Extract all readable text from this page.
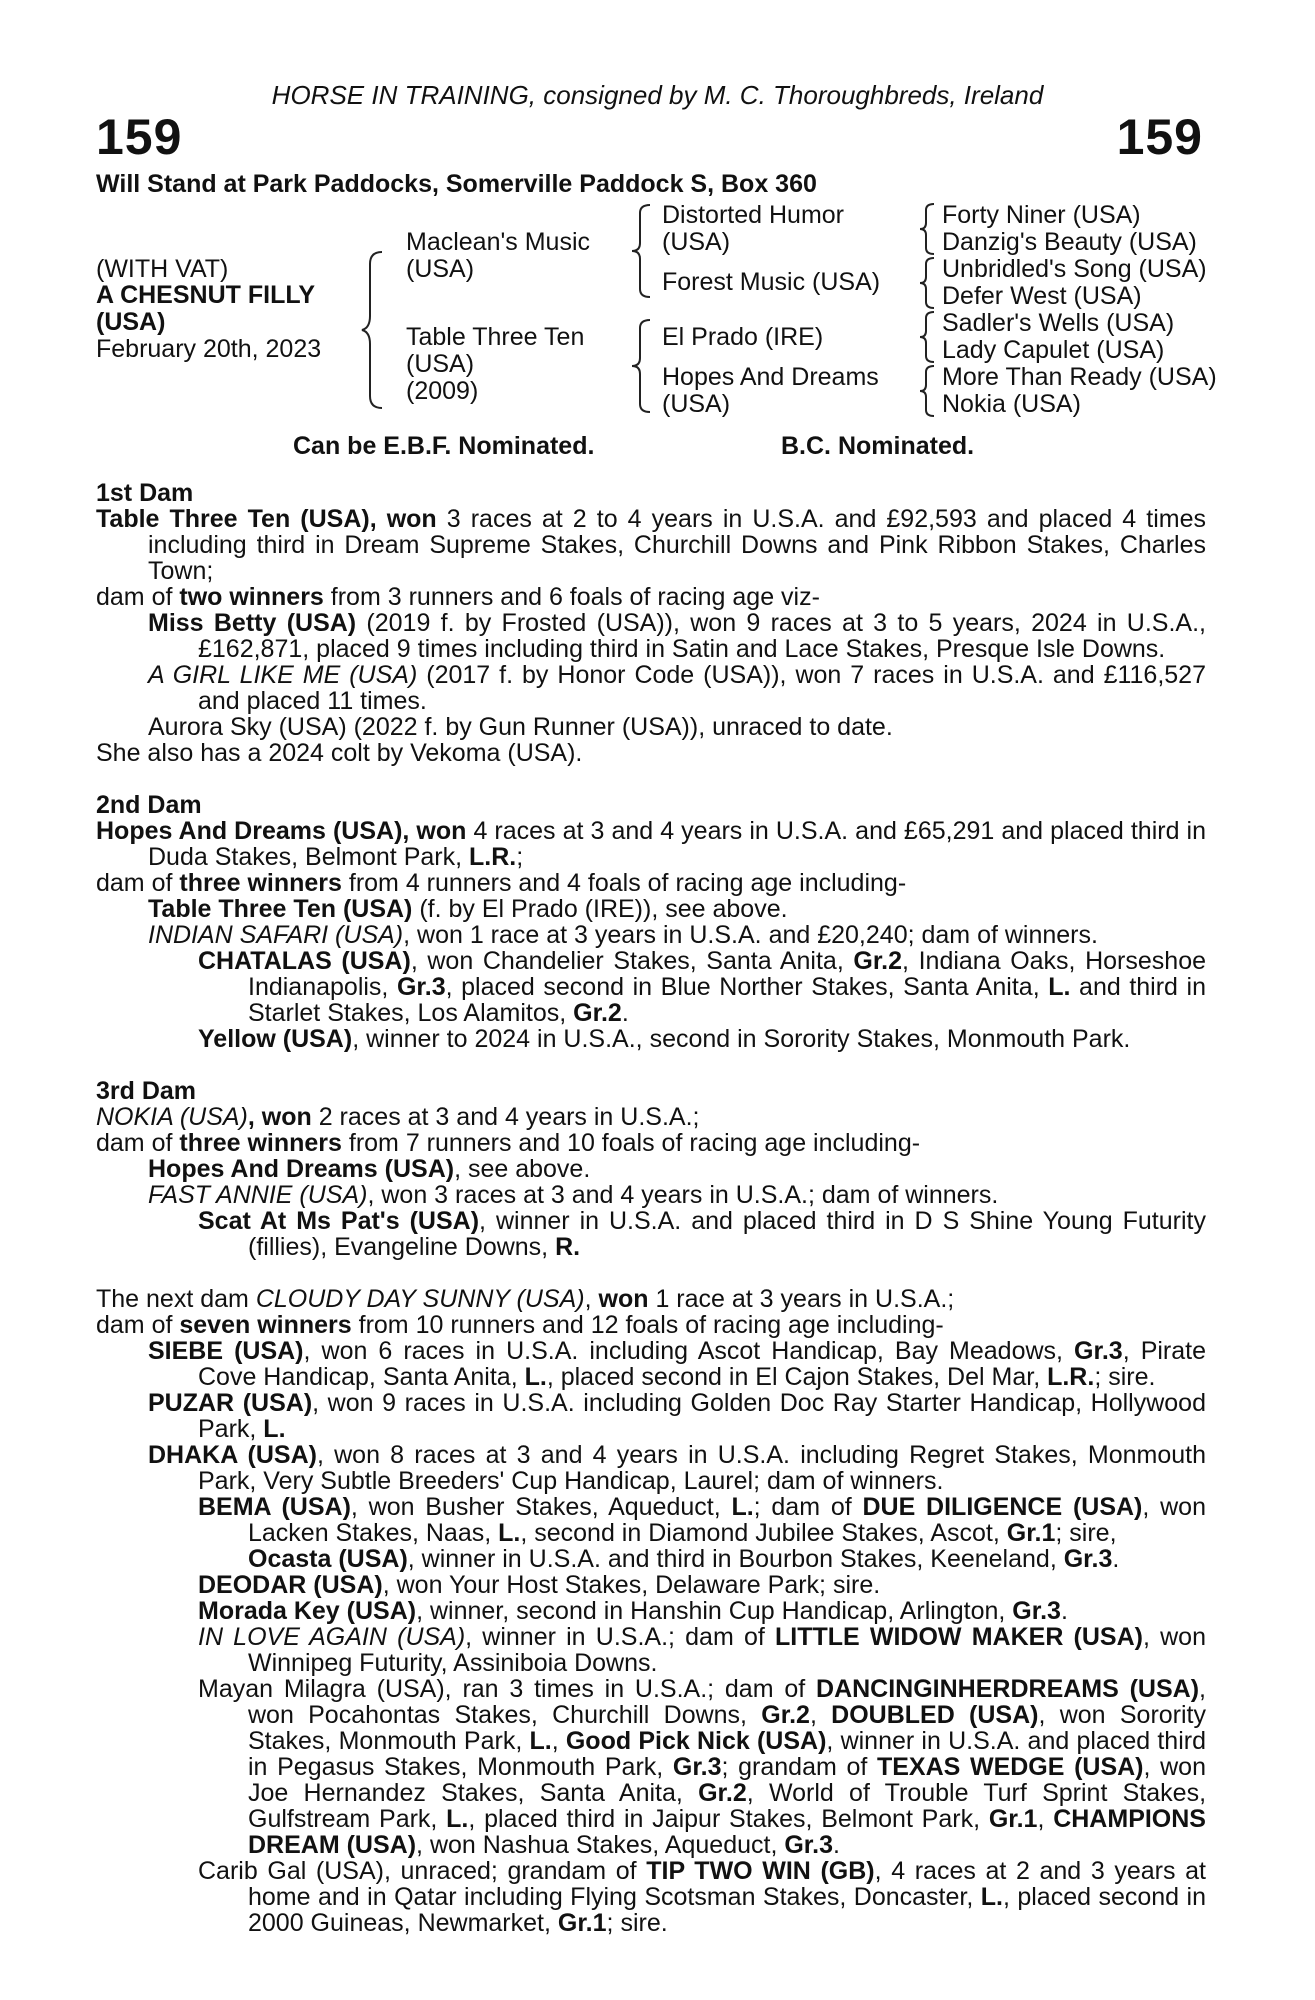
HORSE IN TRAINING, consigned by M. C. Thoroughbreds, Ireland
159	159
Will Stand at Park Paddocks, Somerville Paddock S, Box 360
(WITH VAT)
A CHESNUT FILLY
(USA)
February 20th, 2023
Maclean's Music
(USA)
Table Three Ten
(USA)
(2009)
Distorted Humor
(USA)
Forest Music (USA)
El Prado (IRE)
Hopes And Dreams
(USA)
Forty Niner (USA)
Danzig's Beauty (USA)
Unbridled's Song (USA)
Defer West (USA)
Sadler's Wells (USA)
Lady Capulet (USA)
More Than Ready (USA)
Nokia (USA)
Can be E.B.F. Nominated.	B.C. Nominated.

1st Dam

Table Three Ten (USA), won 3 races at 2 to 4 years in U.S.A. and £92,593 and placed 4 times including third in Dream Supreme Stakes, Churchill Downs and Pink Ribbon Stakes, Charles Town;

dam of two winners from 3 runners and 6 foals of racing age viz-

Miss Betty (USA) (2019 f. by Frosted (USA)), won 9 races at 3 to 5 years, 2024 in U.S.A., £162,871, placed 9 times including third in Satin and Lace Stakes, Presque Isle Downs.

A GIRL LIKE ME (USA) (2017 f. by Honor Code (USA)), won 7 races in U.S.A. and £116,527 and placed 11 times.

Aurora Sky (USA) (2022 f. by Gun Runner (USA)), unraced to date.

She also has a 2024 colt by Vekoma (USA).

2nd Dam

Hopes And Dreams (USA), won 4 races at 3 and 4 years in U.S.A. and £65,291 and placed third in Duda Stakes, Belmont Park, L.R.;

dam of three winners from 4 runners and 4 foals of racing age including-

Table Three Ten (USA) (f. by El Prado (IRE)), see above.

INDIAN SAFARI (USA), won 1 race at 3 years in U.S.A. and £20,240; dam of winners.

CHATALAS (USA), won Chandelier Stakes, Santa Anita, Gr.2, Indiana Oaks, Horseshoe Indianapolis, Gr.3, placed second in Blue Norther Stakes, Santa Anita, L. and third in Starlet Stakes, Los Alamitos, Gr.2.

Yellow (USA), winner to 2024 in U.S.A., second in Sorority Stakes, Monmouth Park.

3rd Dam

NOKIA (USA), won 2 races at 3 and 4 years in U.S.A.;

dam of three winners from 7 runners and 10 foals of racing age including-

Hopes And Dreams (USA), see above.

FAST ANNIE (USA), won 3 races at 3 and 4 years in U.S.A.; dam of winners.

Scat At Ms Pat's (USA), winner in U.S.A. and placed third in D S Shine Young Futurity (fillies), Evangeline Downs, R.

The next dam CLOUDY DAY SUNNY (USA), won 1 race at 3 years in U.S.A.;

dam of seven winners from 10 runners and 12 foals of racing age including-

SIEBE (USA), won 6 races in U.S.A. including Ascot Handicap, Bay Meadows, Gr.3, Pirate Cove Handicap, Santa Anita, L., placed second in El Cajon Stakes, Del Mar, L.R.; sire.

PUZAR (USA), won 9 races in U.S.A. including Golden Doc Ray Starter Handicap, Hollywood Park, L.

DHAKA (USA), won 8 races at 3 and 4 years in U.S.A. including Regret Stakes, Monmouth Park, Very Subtle Breeders' Cup Handicap, Laurel; dam of winners.

BEMA (USA), won Busher Stakes, Aqueduct, L.; dam of DUE DILIGENCE (USA), won Lacken Stakes, Naas, L., second in Diamond Jubilee Stakes, Ascot, Gr.1; sire,

Ocasta (USA), winner in U.S.A. and third in Bourbon Stakes, Keeneland, Gr.3.

DEODAR (USA), won Your Host Stakes, Delaware Park; sire.

Morada Key (USA), winner, second in Hanshin Cup Handicap, Arlington, Gr.3.

IN LOVE AGAIN (USA), winner in U.S.A.; dam of LITTLE WIDOW MAKER (USA), won Winnipeg Futurity, Assiniboia Downs.

Mayan Milagra (USA), ran 3 times in U.S.A.; dam of DANCINGINHERDREAMS (USA), won Pocahontas Stakes, Churchill Downs, Gr.2, DOUBLED (USA), won Sorority Stakes, Monmouth Park, L., Good Pick Nick (USA), winner in U.S.A. and placed third in Pegasus Stakes, Monmouth Park, Gr.3; grandam of TEXAS WEDGE (USA), won Joe Hernandez Stakes, Santa Anita, Gr.2, World of Trouble Turf Sprint Stakes, Gulfstream Park, L., placed third in Jaipur Stakes, Belmont Park, Gr.1, CHAMPIONS DREAM (USA), won Nashua Stakes, Aqueduct, Gr.3.

Carib Gal (USA), unraced; grandam of TIP TWO WIN (GB), 4 races at 2 and 3 years at home and in Qatar including Flying Scotsman Stakes, Doncaster, L., placed second in 2000 Guineas, Newmarket, Gr.1; sire.
